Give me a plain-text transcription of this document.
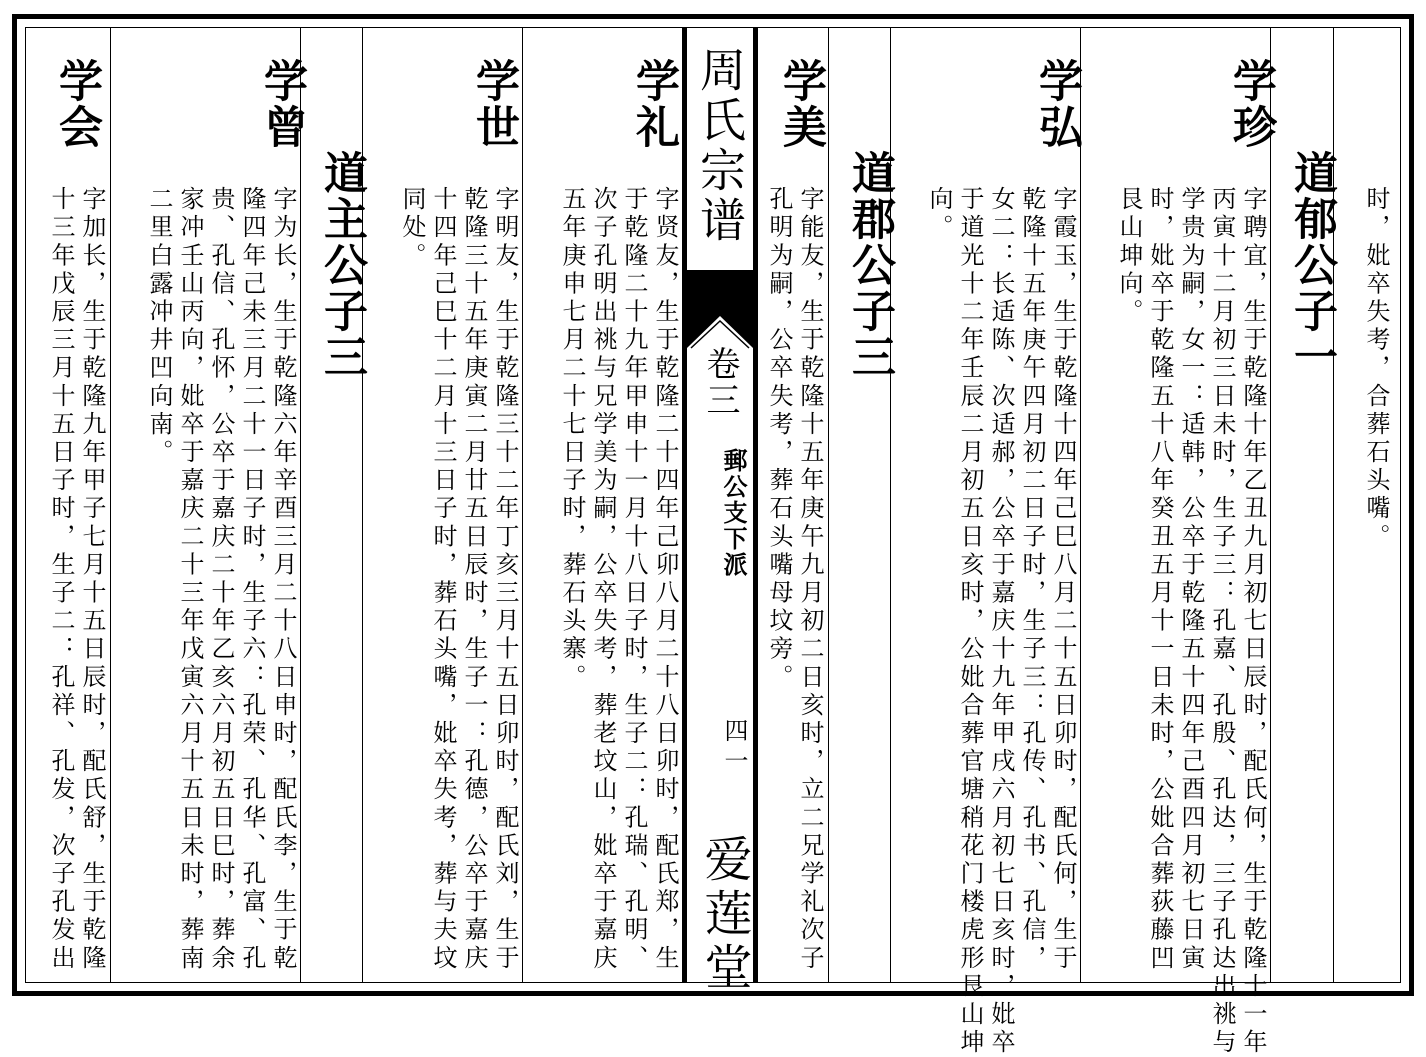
时，妣卒失考，合葬石头嘴。
道郁公子一
学珍
字聘宜，生于乾隆十年乙丑九月初七日辰时，配氏何，生于乾隆十一年
丙寅十二月初三日未时，生子三：孔嘉、孔殷、孔达，三子孔达出祧与
学贵为嗣，女一：适韩，公卒于乾隆五十四年己酉四月初七日寅
时，妣卒于乾隆五十八年癸丑五月十一日未时，公妣合葬荻藤凹
艮山坤向。
学弘
字霞玉，生于乾隆十四年己巳八月二十五日卯时，配氏何，生于
乾隆十五年庚午四月初二日子时，生子三：孔传、孔书、孔信，
女二：长适陈、次适郝，公卒于嘉庆十九年甲戌六月初七日亥时，妣卒
于道光十二年壬辰二月初五日亥时，公妣合葬官塘稍花门楼虎形艮山坤
向。
道郡公子三
学美
字能友，生于乾隆十五年庚午九月初二日亥时，立二兄学礼次子
孔明为嗣，公卒失考，葬石头嘴母坟旁。
周氏宗谱
卷三
郵公支下派
四一
爱莲堂
学礼
字贤友，生于乾隆二十四年己卯八月二十八日卯时，配氏郑，生
于乾隆二十九年甲申十一月十八日子时，生子二：孔瑞、孔明、
次子孔明出祧与兄学美为嗣，公卒失考，葬老坟山，妣卒于嘉庆
五年庚申七月二十七日子时，葬石头寨。
学世
字明友，生于乾隆三十二年丁亥三月十五日卯时，配氏刘，生于
乾隆三十五年庚寅二月廿五日辰时，生子一：孔德，公卒于嘉庆
十四年己巳十二月十三日子时，葬石头嘴，妣卒失考，葬与夫坟
同处。
道主公子三
学曾
字为长，生于乾隆六年辛酉三月二十八日申时，配氏李，生于乾
隆四年己未三月二十一日子时，生子六：孔荣、孔华、孔富、孔
贵、孔信、孔怀，公卒于嘉庆二十年乙亥六月初五日巳时，葬余
家冲壬山丙向，妣卒于嘉庆二十三年戊寅六月十五日未时，葬南
二里白露冲井凹向南。
学会
字加长，生于乾隆九年甲子七月十五日辰时，配氏舒，生于乾隆
十三年戊辰三月十五日子时，生子二：孔祥、孔发，次子孔发出
